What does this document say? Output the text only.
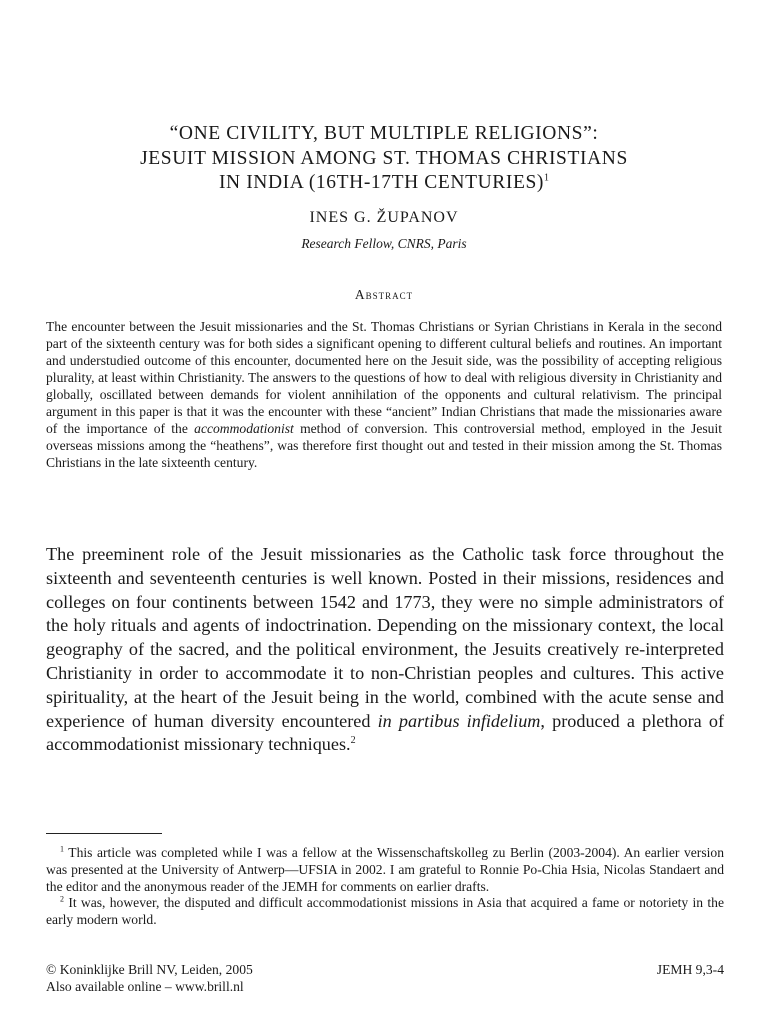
“ONE CIVILITY, BUT MULTIPLE RELIGIONS”:
JESUIT MISSION AMONG ST. THOMAS CHRISTIANS
IN INDIA (16TH-17TH CENTURIES)$^1$
INES G. ŽUPANOV
Research Fellow, CNRS, Paris
Abstract

The encounter between the Jesuit missionaries and the St. Thomas Christians or Syrian Christians in Kerala in the second part of the sixteenth century was for both sides a significant opening to different cultural beliefs and routines. An important and understudied outcome of this encounter, documented here on the Jesuit side, was the possibility of accepting religious plurality, at least within Christianity. The answers to the questions of how to deal with religious diversity in Christianity and globally, oscillated between demands for violent annihilation of the opponents and cultural relativism. The principal argument in this paper is that it was the encounter with these “ancient” Indian Christians that made the missionaries aware of the importance of the accommodationist method of conversion. This controversial method, employed in the Jesuit overseas missions among the “heathens”, was therefore first thought out and tested in their mission among the St. Thomas Christians in the late sixteenth century.

The preeminent role of the Jesuit missionaries as the Catholic task force throughout the sixteenth and seventeenth centuries is well known. Posted in their missions, residences and colleges on four continents between 1542 and 1773, they were no simple administrators of the holy rituals and agents of indoctrination. Depending on the missionary context, the local geography of the sacred, and the political environment, the Jesuits creatively re-interpreted Christianity in order to accommodate it to non-Christian peoples and cultures. This active spirituality, at the heart of the Jesuit being in the world, combined with the acute sense and experience of human diversity encountered in partibus infidelium, produced a plethora of accommodationist missionary techniques.$^2$

$^1$ This article was completed while I was a fellow at the Wissenschaftskolleg zu Berlin (2003-2004). An earlier version was presented at the University of Antwerp—UFSIA in 2002. I am grateful to Ronnie Po-Chia Hsia, Nicolas Standaert and the editor and the anonymous reader of the JEMH for comments on earlier drafts.

$^2$ It was, however, the disputed and difficult accommodationist missions in Asia that acquired a fame or notoriety in the early modern world.

© Koninklijke Brill NV, Leiden, 2005
Also available online – www.brill.nl
JEMH 9,3-4
